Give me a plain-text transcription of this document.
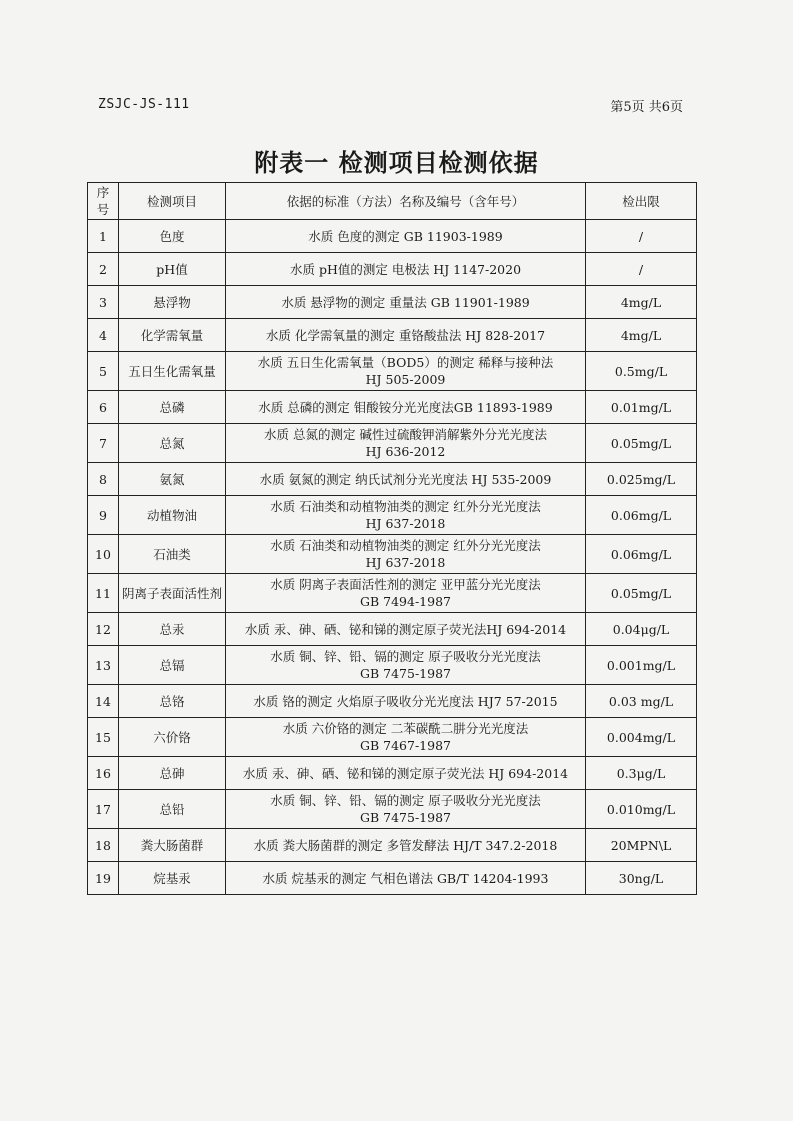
ZSJC-JS-111	第5页 共6页
附表一 检测项目检测依据
序号	检测项目	依据的标准（方法）名称及编号（含年号）	检出限
1	色度	水质 色度的测定 GB 11903-1989	/
2	pH值	水质 pH值的测定 电极法 HJ 1147-2020	/
3	悬浮物	水质 悬浮物的测定 重量法 GB 11901-1989	4mg/L
4	化学需氧量	水质 化学需氧量的测定 重铬酸盐法 HJ 828-2017	4mg/L
5	五日生化需氧量	水质 五日生化需氧量（BOD5）的测定 稀释与接种法
HJ 505-2009	0.5mg/L
6	总磷	水质 总磷的测定 钼酸铵分光光度法GB 11893-1989	0.01mg/L
7	总氮	水质 总氮的测定 碱性过硫酸钾消解紫外分光光度法
HJ 636-2012	0.05mg/L
8	氨氮	水质 氨氮的测定 纳氏试剂分光光度法 HJ 535-2009	0.025mg/L
9	动植物油	水质 石油类和动植物油类的测定 红外分光光度法
HJ 637-2018	0.06mg/L
10	石油类	水质 石油类和动植物油类的测定 红外分光光度法
HJ 637-2018	0.06mg/L
11	阴离子表面活性剂	水质 阴离子表面活性剂的测定 亚甲蓝分光光度法
GB 7494-1987	0.05mg/L
12	总汞	水质 汞、砷、硒、铋和锑的测定原子荧光法HJ 694-2014	0.04μg/L
13	总镉	水质 铜、锌、铅、镉的测定 原子吸收分光光度法
GB 7475-1987	0.001mg/L
14	总铬	水质 铬的测定 火焰原子吸收分光光度法 HJ7 57-2015	0.03 mg/L
15	六价铬	水质 六价铬的测定 二苯碳酰二肼分光光度法
GB 7467-1987	0.004mg/L
16	总砷	水质 汞、砷、硒、铋和锑的测定原子荧光法 HJ 694-2014	0.3μg/L
17	总铅	水质 铜、锌、铅、镉的测定 原子吸收分光光度法
GB 7475-1987	0.010mg/L
18	粪大肠菌群	水质 粪大肠菌群的测定 多管发酵法 HJ/T 347.2-2018	20MPN\L
19	烷基汞	水质 烷基汞的测定 气相色谱法 GB/T 14204-1993	30ng/L
